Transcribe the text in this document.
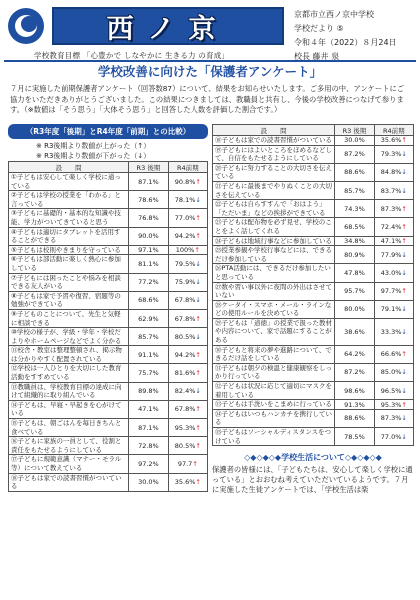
西ノ京
学校教育目標 「心豊かで しなやかに 生きる力 の育成」
京都市立西ノ京中学校
学校だより ⑤
令和４年（2022）８月24日
校長 藤井 泉
学校改善に向けた「保護者アンケート」
７月に実施した前期保護者アンケート（回答数87）について、結果をお知らせいたします。ご多用の中、アンケートにご協力をいただきありがとうございました。この結果につきましては、教職員と共有し、今後の学校改善につなげて参ります。（※数値は「そう思う」「大体そう思う」と回答した人数を評価した割合です。）
（R3年度「後期」とR4年度「前期」との比較）
※ R3後期より数値が上がった（↑）
※ R3後期より数値が下がった（↓）
設　　問	R3 後期	R4前期
①子どもは安心して楽しく学校に通っている	87.1%	90.8%↑
②子どもは学校の授業を「わかる」と言っている	78.6%	78.1%↓
③子どもに基礎的・基本的な知識や技能、学力がついてきていると思う	76.8%	77.0%↑
④子どもは適切にタブレットを活用することができる	90.0%	94.2%↑
⑤子どもは校則やきまりを守っている	97.1%	100%↑
⑥子どもは部活動に楽しく熱心に参加している	81.1%	79.5%↓
⑦子どもには困ったことや悩みを相談できる友人がいる	77.2%	75.9%↓
⑧子どもは家で予習や復習、宿題等の勉強ができている	68.6%	67.8%↓
⑨子どものことについて、先生と気軽に相談できる	62.9%	67.8%↑
⑩学校の様子が、学級・学年・学校だよりやホームページなどでよく分かる	85.7%	80.5%↓
⑪校舎・教室は整理整頓され、掲示物は分かりやすく配置されている	91.1%	94.2%↑
⑫学校は一人ひとりを大切にした教育活動をすすめている	75.7%	81.6%↑
⑬教職員は、学校教育目標の達成に向けて組織的に取り組んでいる	89.8%	82.4%↓
⑭子どもは、早寝・早起きを心がけている	47.1%	67.8%↑
⑮子どもは、朝ごはんを毎日きちんと食べている	87.1%	95.3%↑
⑯子どもに家族の一員として、役割と責任をもたせるようにしている	72.8%	80.5%↑
⑰子どもに規範意識（マナー・モラル等）について教えている	97.2%	97.7↑
⑱子どもは家での読書習慣がついている	30.0%	35.6%↑
設　　問	R3 後期	R4前期
⑱子どもは家での読書習慣がついている	30.0%	35.6%↑
⑲子どもにはよいところをほめるなどして、自信をもたせるようにしている	87.2%	79.3%↓
⑳子どもに努力することの大切さを伝えている	88.6%	84.8%↓
㉑子どもに最後までやりぬくことの大切さを伝えている	85.7%	83.7%↓
㉒子どもは自らすすんで「おはよう」「ただいま」などの挨拶ができている	74.3%	87.3%↑
㉓子どもは配布物を必ず見せ、学校のことをよく話してくれる	68.5%	72.4%↑
㉔子どもは地域行事などに参加している	34.8%	47.1%↑
㉕授業参観や学校行事などには、できるだけ参加している	80.9%	77.9%↓
㉖PTA活動には、できるだけ参加したいと思っている	47.8%	43.0%↓
㉗数や習い事以外に夜間の外出はさせていない	95.7%	97.7%↑
㉘ケータイ・スマホ・メール・ラインなどの使用ルールを決めている	80.0%	79.1%↓
㉙子どもは「道徳」の授業で扱った教材や内容について、家で話題にすることがある	38.6%	33.3%↓
㉚子どもと将来の夢や進路について、できるだけ話をしている	64.2%	66.6%↑
㉛子どもは朝夕の検温と健康観察をしっかり行っている	87.2%	85.0%↓
㉜子どもは状況に応じて適切にマスクを着用している	98.6%	96.5%↓
㉝子どもは手洗いをこまめに行っている	91.3%	95.3%↑
㉞子どもはいつもハンカチを携行している	88.6%	87.3%↓
㉟子どもはソーシャルディスタンスをつけている	78.5%	77.0%↓
◇◆◇◆◇◆学校生活について◇◆◇◆◇◆
保護者の皆様には、「子どもたちは、安心して楽しく学校に通っている」とおおむね考えていただいているようです。７月に実施した生徒アンケートでは、「学校生活は楽
